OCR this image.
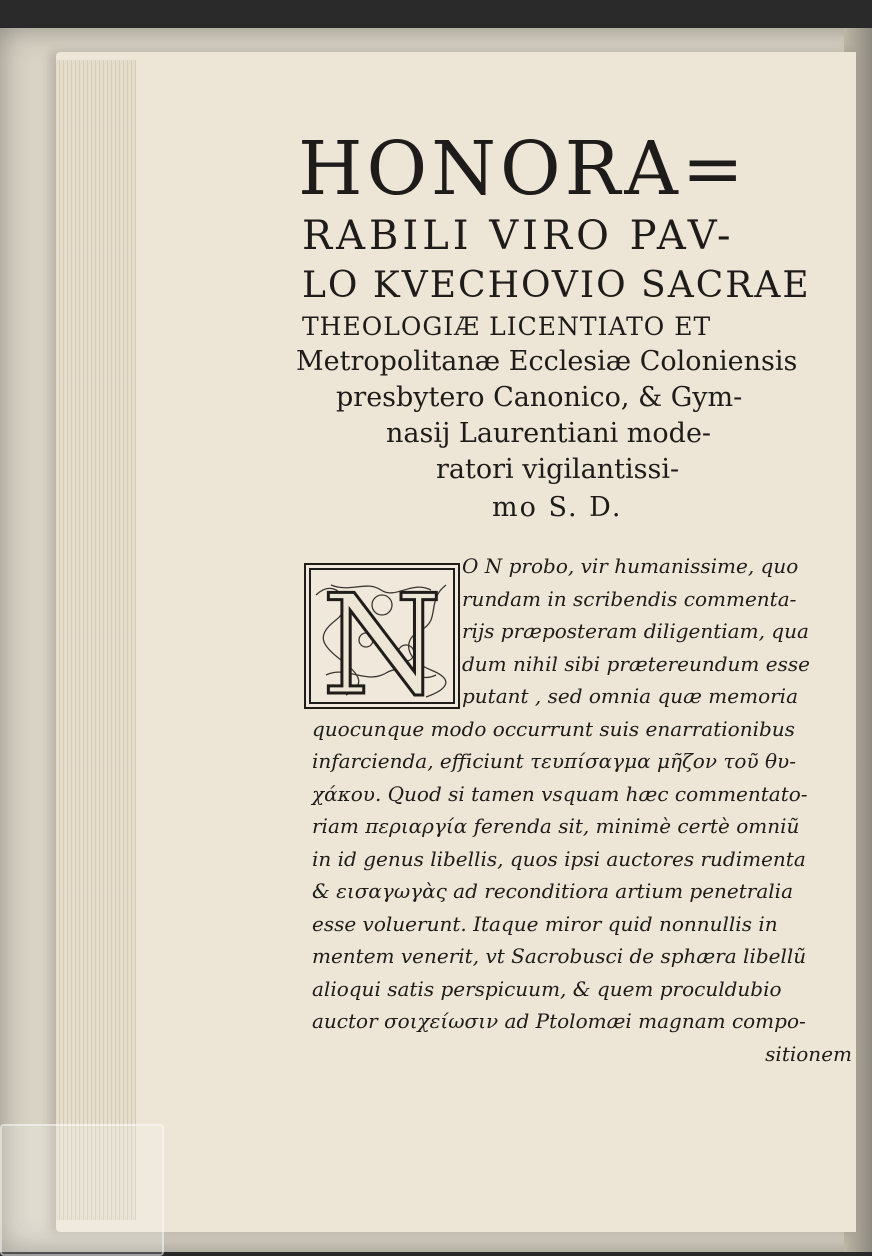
HONORA=
RABILI VIRO PAV-
LO KVECHOVIO SACRAE
THEOLOGIÆ LICENTIATO ET
Metropolitanæ Ecclesiæ Coloniensis
presbytero Canonico, & Gym-
nasij Laurentiani mode-
ratori vigilantissi-
mo S. D.
N O N probo, vir humanissime, quo
rundam in scribendis commenta-
rijs præposteram diligentiam, qua
dum nihil sibi prætereundum esse
putant , sed omnia quæ memoria
quocunque modo occurrunt suis enarrationibus
infarcienda, efficiunt τευπίσαγμα μῆζον τοῦ θυ-
χάκου. Quod si tamen vsquam hæc commentato-
riam περιαργία ferenda sit, minimè certè omniũ
in id genus libellis, quos ipsi auctores rudimenta
& εισαγωγὰς ad reconditiora artium penetralia
esse voluerunt. Itaque miror quid nonnullis in
mentem venerit, vt Sacrobusci de sphæra libellũ
alioqui satis perspicuum, & quem proculdubio
auctor σοιχείωσιν ad Ptolomæi magnam compo-
sitionem
